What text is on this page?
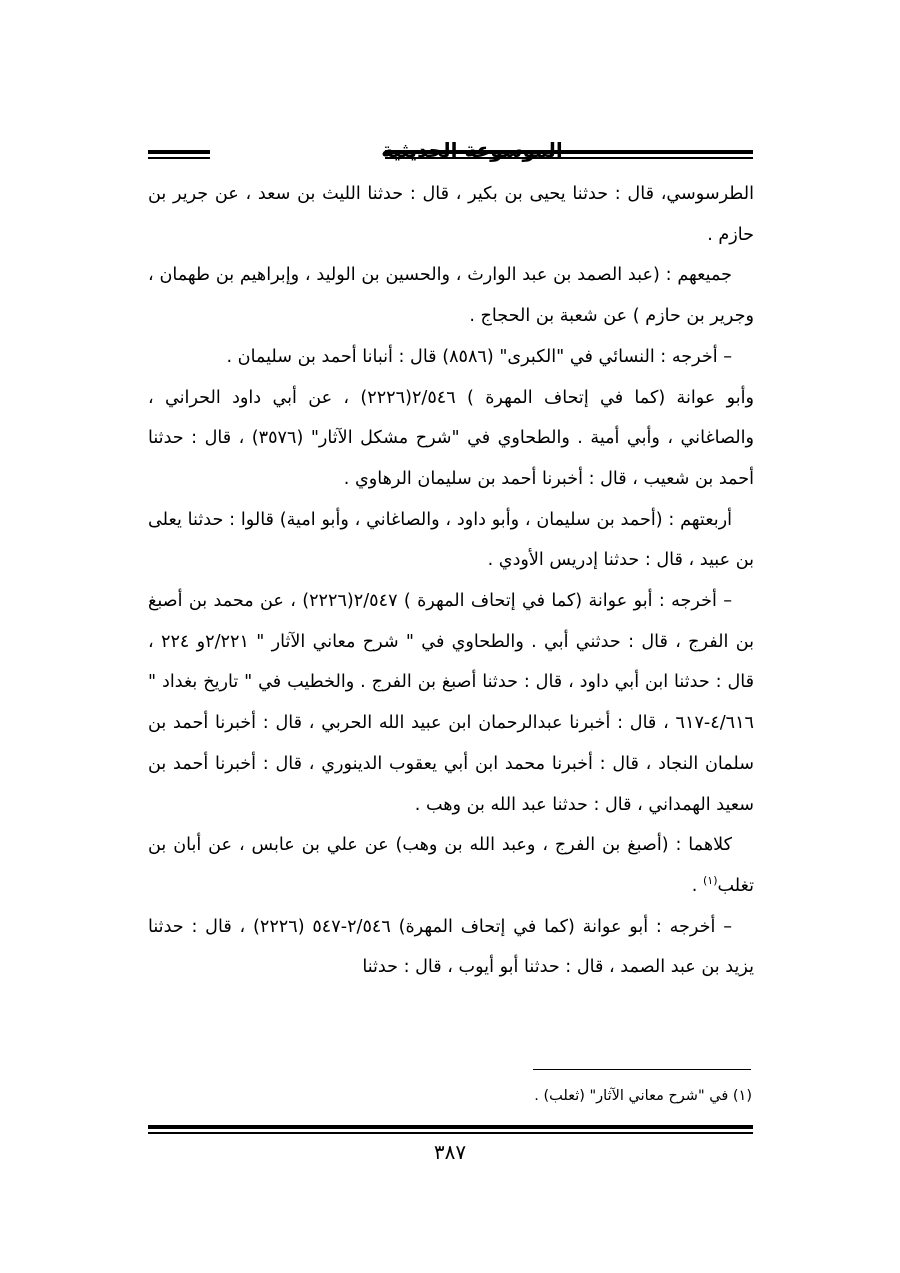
الموسوعة الحديثية

الطرسوسي، قال : حدثنا يحيى بن بكير ، قال : حدثنا الليث بن سعد ، عن جرير بن حازم .

جميعهم : (عبد الصمد بن عبد الوارث ، والحسين بن الوليد ، وإبراهيم بن طهمان ، وجرير بن حازم ) عن شعبة بن الحجاج .

– أخرجه : النسائي في "الكبرى" (٨٥٨٦) قال : أنبانا أحمد بن سليمان .

وأبو عوانة (كما في إتحاف المهرة ) ٢/٥٤٦(٢٢٢٦) ، عن أبي داود الحراني ، والصاغاني ، وأبي أمية . والطحاوي في "شرح مشكل الآثار" (٣٥٧٦) ، قال : حدثنا أحمد بن شعيب ، قال : أخبرنا أحمد بن سليمان الرهاوي .

أربعتهم : (أحمد بن سليمان ، وأبو داود ، والصاغاني ، وأبو امية) قالوا : حدثنا يعلى بن عبيد ، قال : حدثنا إدريس الأودي .

– أخرجه : أبو عوانة (كما في إتحاف المهرة ) ٢/٥٤٧(٢٢٢٦) ، عن محمد بن أصبغ بن الفرج ، قال : حدثني أبي . والطحاوي في " شرح معاني الآثار " ٢/٢٢١و ٢٢٤ ، قال : حدثنا ابن أبي داود ، قال : حدثنا أصبغ بن الفرج . والخطيب في " تاريخ بغداد " ٤/٦١٦-٦١٧ ، قال : أخبرنا عبدالرحمان ابن عبيد الله الحربي ، قال : أخبرنا أحمد بن سلمان النجاد ، قال : أخبرنا محمد ابن أبي يعقوب الدينوري ، قال : أخبرنا أحمد بن سعيد الهمداني ، قال : حدثنا عبد الله بن وهب .

كلاهما : (أصبغ بن الفرج ، وعبد الله بن وهب) عن علي بن عابس ، عن أبان بن تغلب$^{(١)}$ .

– أخرجه : أبو عوانة (كما في إتحاف المهرة) ٢/٥٤٦-٥٤٧ (٢٢٢٦) ، قال : حدثنا يزيد بن عبد الصمد ، قال : حدثنا أبو أيوب ، قال : حدثنا

(١) في "شرح معاني الآثار" (ثعلب) .
٣٨٧
